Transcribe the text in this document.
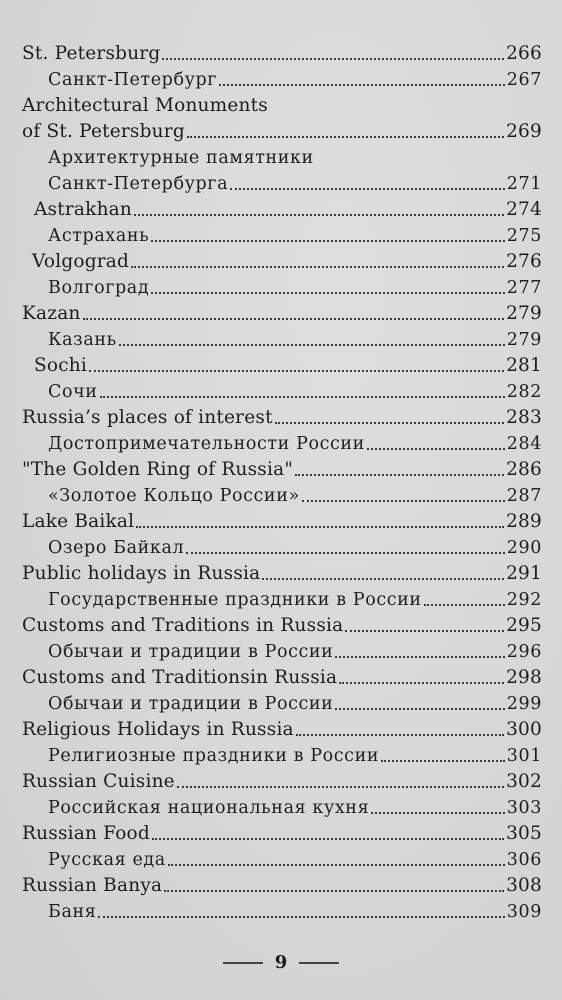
St. Petersburg	266
Санкт-Петербург	267
Architectural Monuments
of St. Petersburg	269
Архитектурные памятники
Санкт-Петербурга	271
Astrakhan	274
Астрахань	275
Volgograd	276
Волгоград	277
Kazan	279
Казань	279
Sochi	281
Сочи	282
Russia’s places of interest	283
Достопримечательности России	284
"The Golden Ring of Russia"	286
«Золотое Кольцо России»	287
Lake Baikal	289
Озеро Байкал	290
Public holidays in Russia	291
Государственные праздники в России	292
Customs and Traditions in Russia	295
Обычаи и традиции в России	296
Customs and Traditionsin Russia	298
Обычаи и традиции в России	299
Religious Holidays in Russia	300
Религиозные праздники в России	301
Russian Cuisine	302
Российская национальная кухня	303
Russian Food	305
Русская еда	306
Russian Banya	308
Баня	309
9
